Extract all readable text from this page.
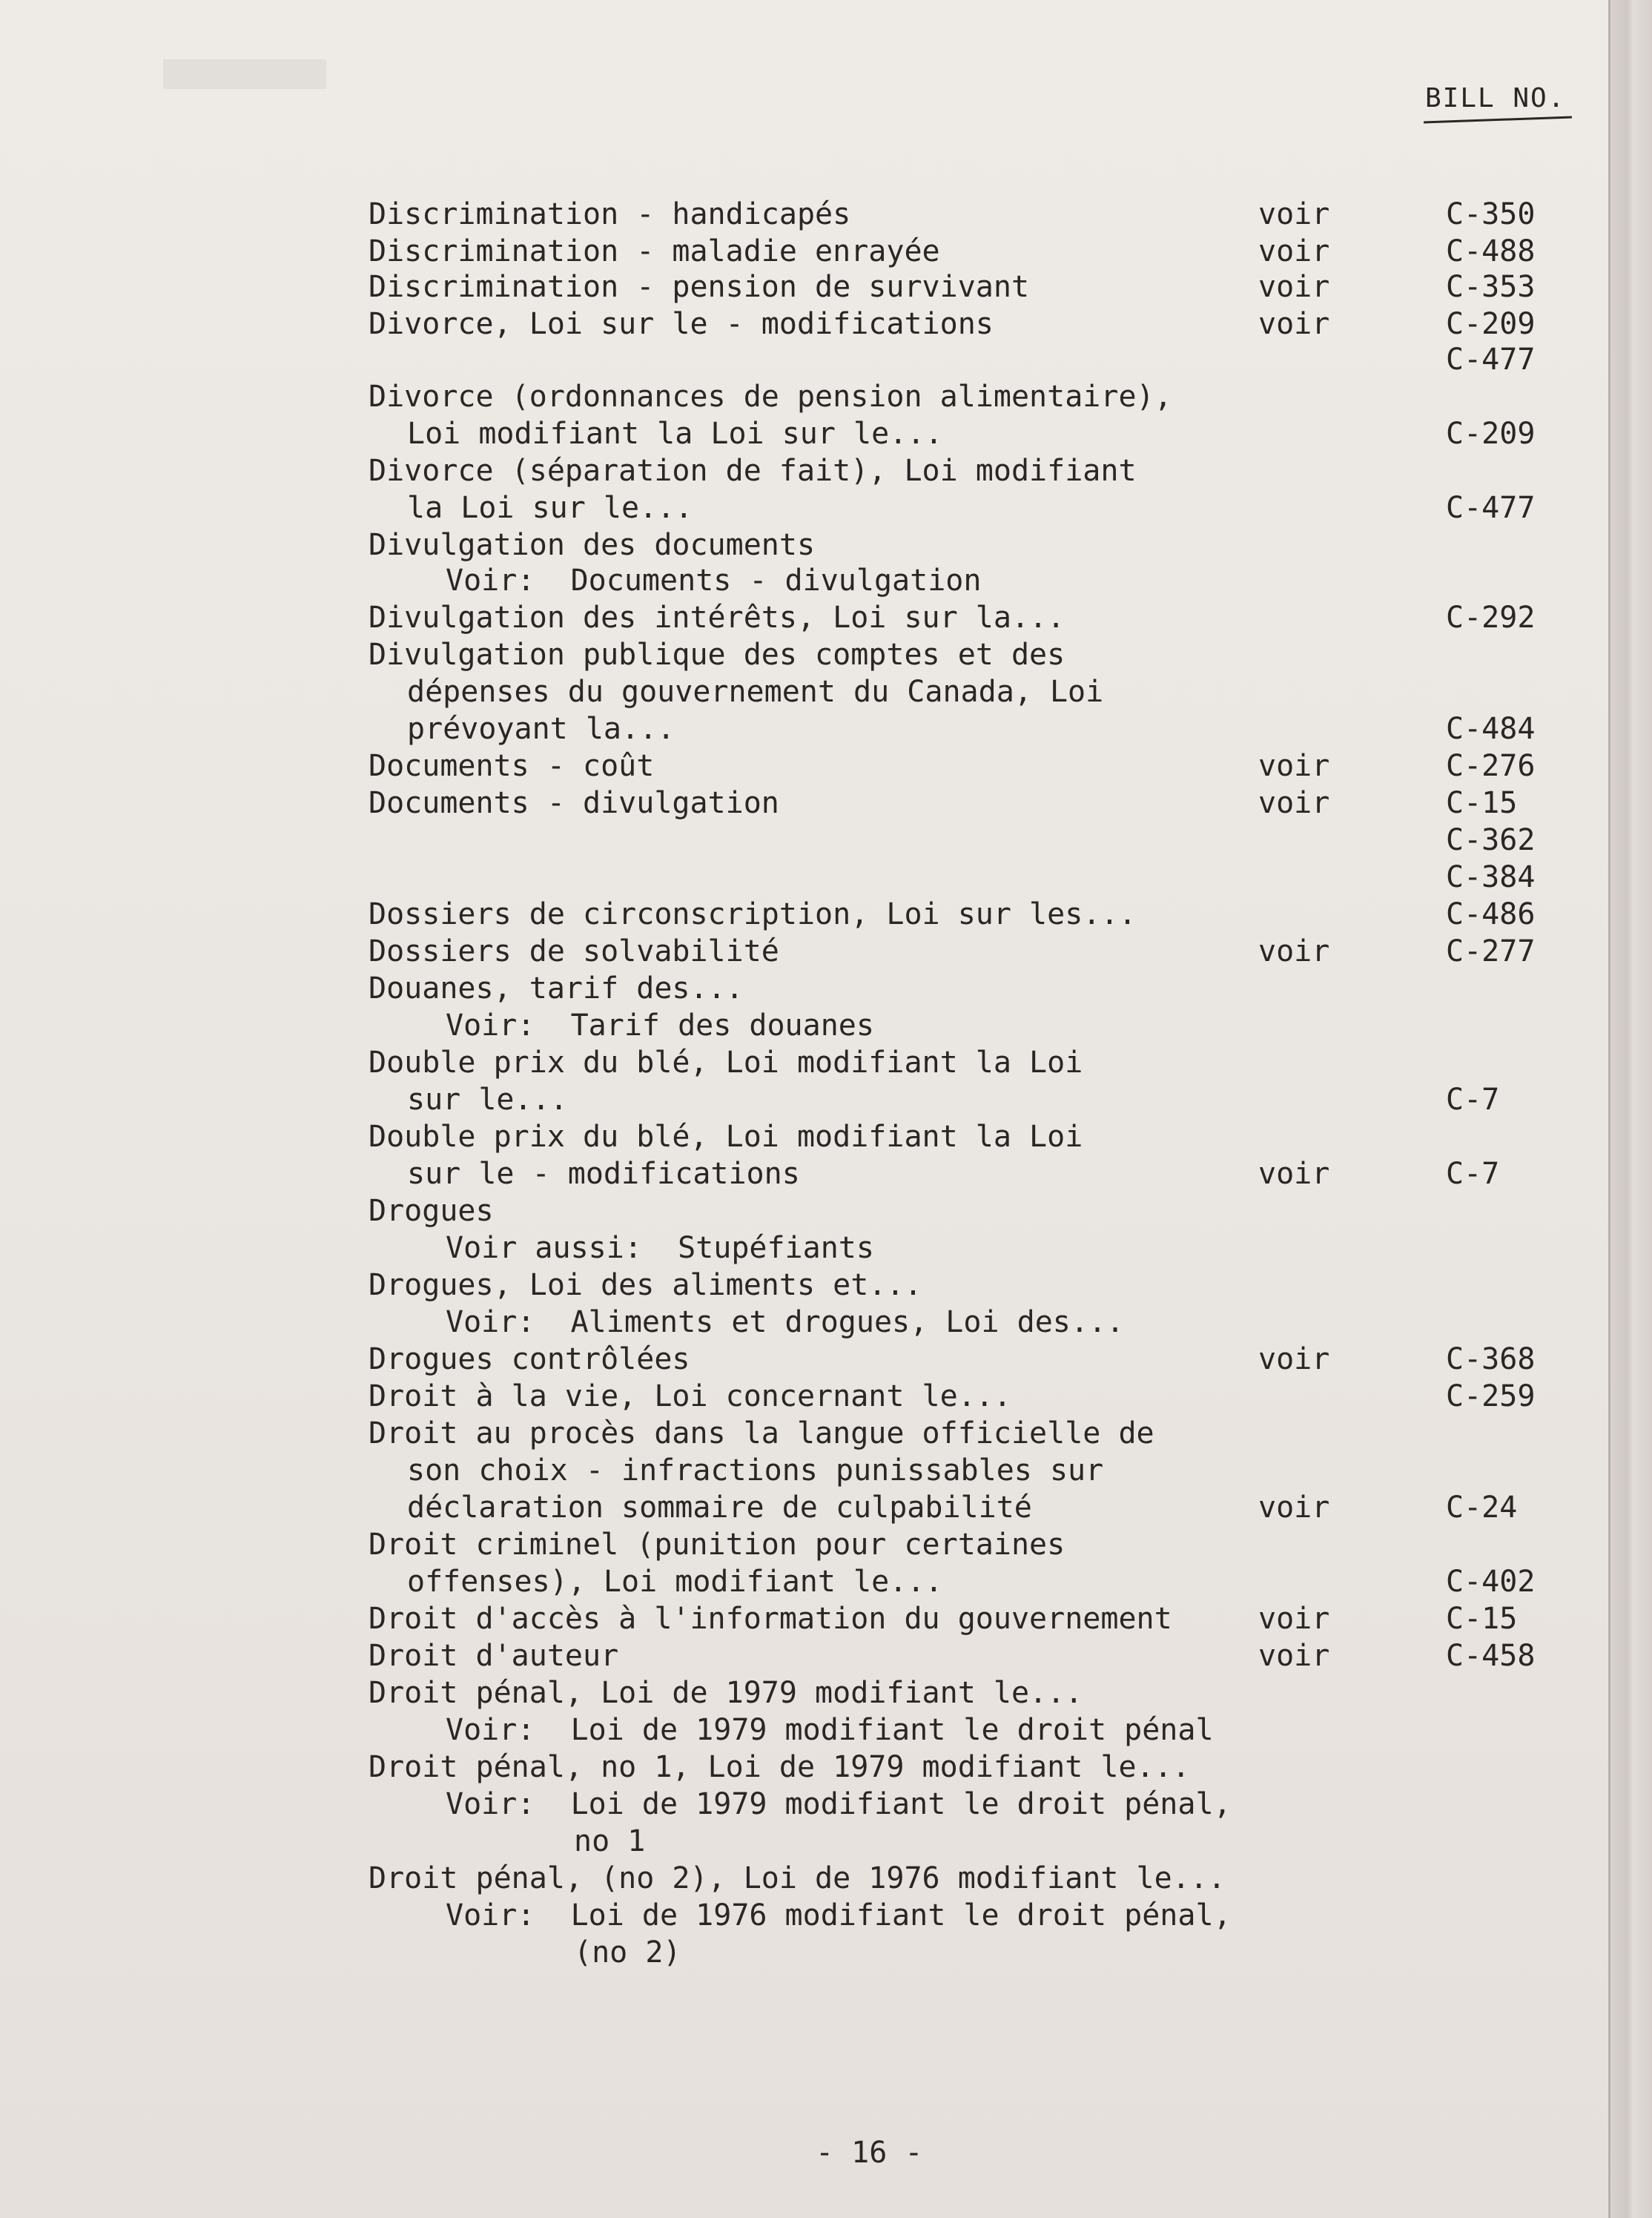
BILL NO.
Discrimination - handicapés	voir	C-350
Discrimination - maladie enrayée	voir	C-488
Discrimination - pension de survivant	voir	C-353
Divorce, Loi sur le - modifications	voir	C-209
C-477
Divorce (ordonnances de pension alimentaire),
Loi modifiant la Loi sur le...	C-209
Divorce (séparation de fait), Loi modifiant
la Loi sur le...	C-477
Divulgation des documents
Voir:  Documents - divulgation
Divulgation des intérêts, Loi sur la...	C-292
Divulgation publique des comptes et des
dépenses du gouvernement du Canada, Loi
prévoyant la...	C-484
Documents - coût	voir	C-276
Documents - divulgation	voir	C-15
C-362
C-384
Dossiers de circonscription, Loi sur les...	C-486
Dossiers de solvabilité	voir	C-277
Douanes, tarif des...
Voir:  Tarif des douanes
Double prix du blé, Loi modifiant la Loi
sur le...	C-7
Double prix du blé, Loi modifiant la Loi
sur le - modifications	voir	C-7
Drogues
Voir aussi:  Stupéfiants
Drogues, Loi des aliments et...
Voir:  Aliments et drogues, Loi des...
Drogues contrôlées	voir	C-368
Droit à la vie, Loi concernant le...	C-259
Droit au procès dans la langue officielle de
son choix - infractions punissables sur
déclaration sommaire de culpabilité	voir	C-24
Droit criminel (punition pour certaines
offenses), Loi modifiant le...	C-402
Droit d'accès à l'information du gouvernement	voir	C-15
Droit d'auteur	voir	C-458
Droit pénal, Loi de 1979 modifiant le...
Voir:  Loi de 1979 modifiant le droit pénal
Droit pénal, no 1, Loi de 1979 modifiant le...
Voir:  Loi de 1979 modifiant le droit pénal,
no 1
Droit pénal, (no 2), Loi de 1976 modifiant le...
Voir:  Loi de 1976 modifiant le droit pénal,
(no 2)
- 16 -
